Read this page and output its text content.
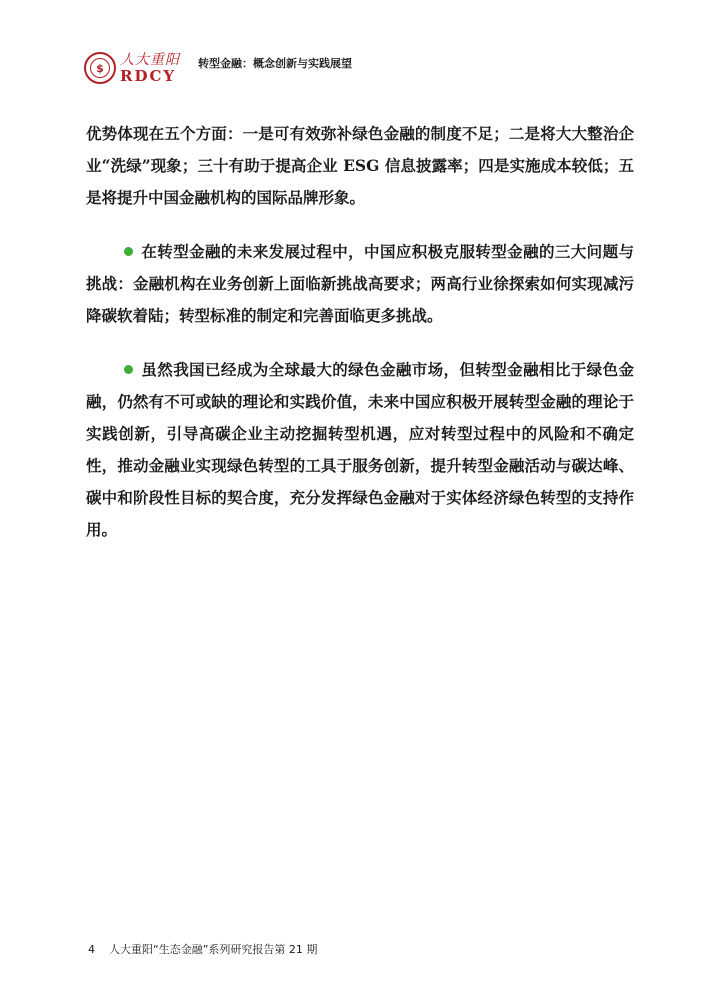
$
人大重阳
RDCY
转型金融：概念创新与实践展望

优势体现在五个方面：一是可有效弥补绿色金融的制度不足；二是将大大整治企业“洗绿”现象；三十有助于提高企业 ESG 信息披露率；四是实施成本较低；五是将提升中国金融机构的国际品牌形象。

在转型金融的未来发展过程中，中国应积极克服转型金融的三大问题与挑战：金融机构在业务创新上面临新挑战高要求；两高行业徐探索如何实现减污降碳软着陆；转型标准的制定和完善面临更多挑战。

虽然我国已经成为全球最大的绿色金融市场，但转型金融相比于绿色金融，仍然有不可或缺的理论和实践价值，未来中国应积极开展转型金融的理论于实践创新，引导高碳企业主动挖掘转型机遇，应对转型过程中的风险和不确定性，推动金融业实现绿色转型的工具于服务创新，提升转型金融活动与碳达峰、碳中和阶段性目标的契合度，充分发挥绿色金融对于实体经济绿色转型的支持作用。

4 人大重阳“生态金融”系列研究报告第 21 期
